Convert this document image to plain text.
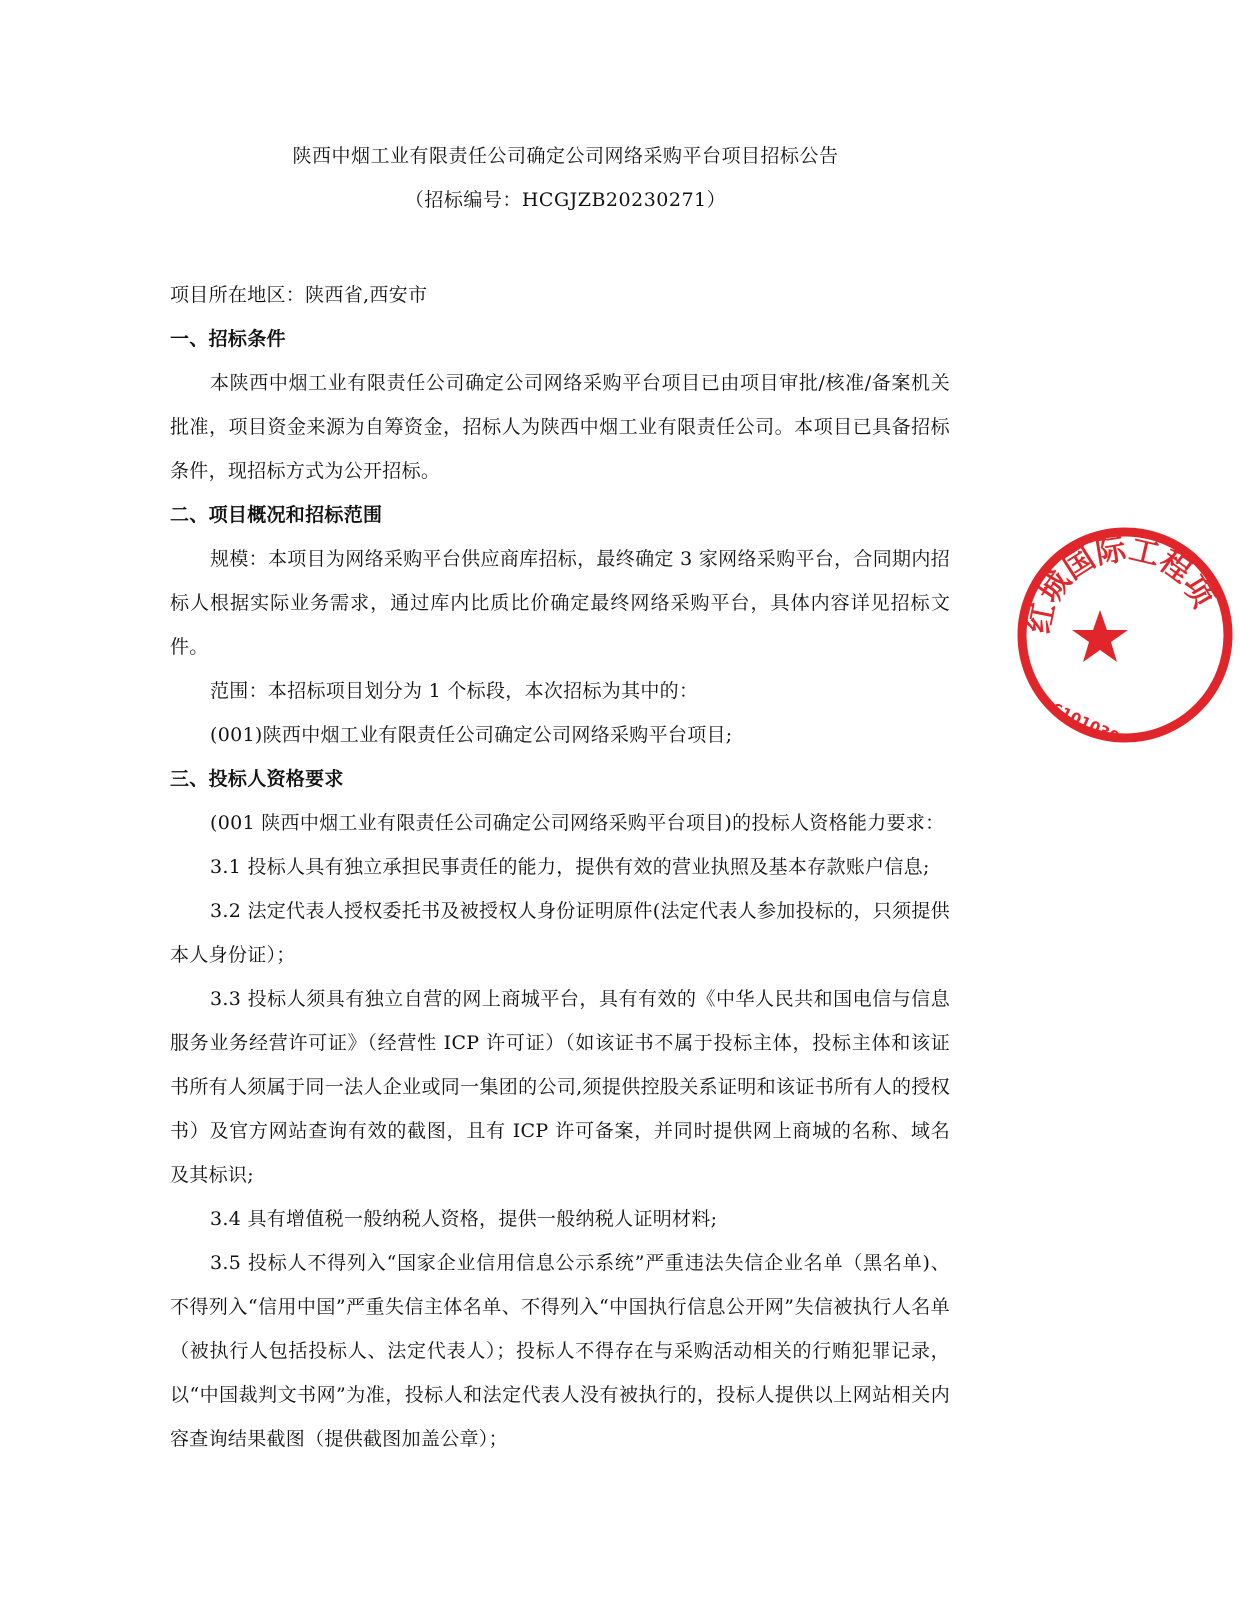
陕西中烟工业有限责任公司确定公司网络采购平台项目招标公告
（招标编号：HCGJZB20230271）

项目所在地区：陕西省,西安市

一、招标条件

本陕西中烟工业有限责任公司确定公司网络采购平台项目已由项目审批/核准/备案机关批准，项目资金来源为自筹资金，招标人为陕西中烟工业有限责任公司。本项目已具备招标条件，现招标方式为公开招标。

二、项目概况和招标范围

规模：本项目为网络采购平台供应商库招标，最终确定 3 家网络采购平台，合同期内招标人根据实际业务需求，通过库内比质比价确定最终网络采购平台，具体内容详见招标文件。

范围：本招标项目划分为 1 个标段，本次招标为其中的：

(001)陕西中烟工业有限责任公司确定公司网络采购平台项目;

三、投标人资格要求

(001 陕西中烟工业有限责任公司确定公司网络采购平台项目)的投标人资格能力要求：

3.1 投标人具有独立承担民事责任的能力，提供有效的营业执照及基本存款账户信息;

3.2 法定代表人授权委托书及被授权人身份证明原件(法定代表人参加投标的，只须提供本人身份证）；

3.3 投标人须具有独立自营的网上商城平台，具有有效的《中华人民共和国电信与信息服务业务经营许可证》（经营性 ICP 许可证）（如该证书不属于投标主体，投标主体和该证书所有人须属于同一法人企业或同一集团的公司,须提供控股关系证明和该证书所有人的授权书）及官方网站查询有效的截图，且有 ICP 许可备案，并同时提供网上商城的名称、域名及其标识;

3.4 具有增值税一般纳税人资格，提供一般纳税人证明材料;

3.5 投标人不得列入“国家企业信用信息公示系统”严重违法失信企业名单（黑名单)、不得列入“信用中国”严重失信主体名单、不得列入“中国执行信息公开网”失信被执行人名单（被执行人包括投标人、法定代表人）；投标人不得存在与采购活动相关的行贿犯罪记录，以“中国裁判文书网”为准，投标人和法定代表人没有被执行的，投标人提供以上网站相关内容查询结果截图（提供截图加盖公章）；

红城国际工程项
6101030
